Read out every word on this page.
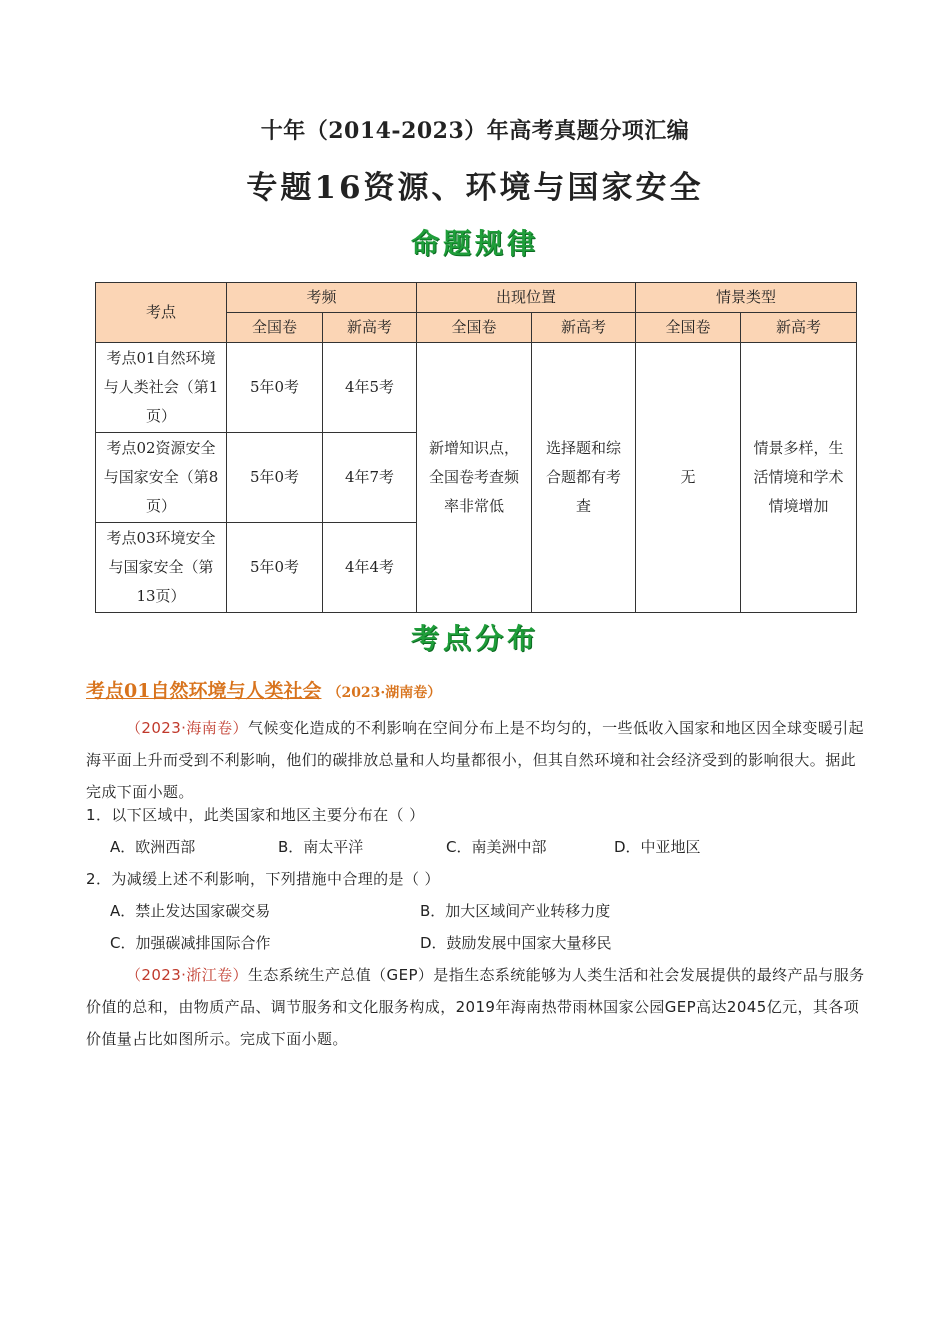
十年（2014-2023）年高考真题分项汇编
专题16资源、环境与国家安全
命题规律
考点	考频		出现位置		情景类型	
	全国卷	新高考	全国卷	新高考	全国卷	新高考
考点01自然环境与人类社会（第1页）	5年0考	4年5考	新增知识点，全国卷考查频率非常低	选择题和综合题都有考查	无	情景多样，生活情境和学术情境增加
考点02资源安全与国家安全（第8页）	5年0考	4年7考				
考点03环境安全与国家安全（第13页）	5年0考	4年4考				
考点分布
考点01自然环境与人类社会 （2023·湖南卷）
（2023·海南卷）气候变化造成的不利影响在空间分布上是不均匀的，一些低收入国家和地区因全球变暖引起海平面上升而受到不利影响，他们的碳排放总量和人均量都很小，但其自然环境和社会经济受到的影响很大。据此完成下面小题。
1．以下区域中，此类国家和地区主要分布在（ ）
A．欧洲西部	B．南太平洋	C．南美洲中部	D．中亚地区
2．为减缓上述不利影响，下列措施中合理的是（ ）
A．禁止发达国家碳交易	B．加大区域间产业转移力度
C．加强碳减排国际合作	D．鼓励发展中国家大量移民
（2023·浙江卷）生态系统生产总值（GEP）是指生态系统能够为人类生活和社会发展提供的最终产品与服务价值的总和，由物质产品、调节服务和文化服务构成，2019年海南热带雨林国家公园GEP高达2045亿元，其各项价值量占比如图所示。完成下面小题。
